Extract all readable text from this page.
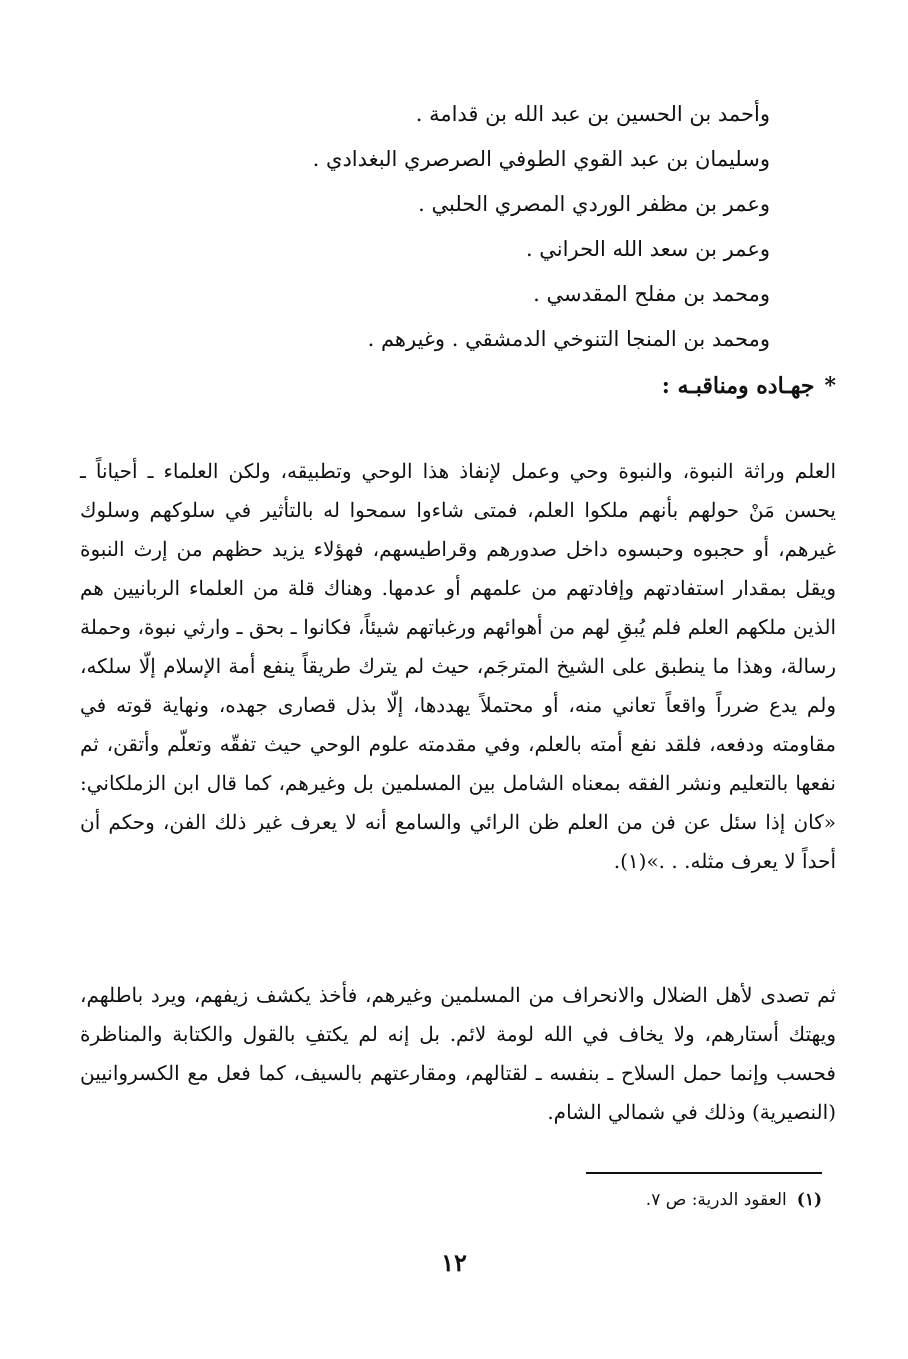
وأحمد بن الحسين بن عبد الله بن قدامة .
وسليمان بن عبد القوي الطوفي الصرصري البغدادي .
وعمر بن مظفر الوردي المصري الحلبي .
وعمر بن سعد الله الحراني .
ومحمد بن مفلح المقدسي .
ومحمد بن المنجا التنوخي الدمشقي . وغيرهم .
*جهـاده ومناقبـه :

العلم وراثة النبوة، والنبوة وحي وعمل لإنفاذ هذا الوحي وتطبيقه، ولكن العلماء ـ أحياناً ـ يحسن مَنْ حولهم بأنهم ملكوا العلم، فمتى شاءوا سمحوا له بالتأثير في سلوكهم وسلوك غيرهم، أو حجبوه وحبسوه داخل صدورهم وقراطيسهم، فهؤلاء يزيد حظهم من إرث النبوة ويقل بمقدار استفادتهم وإفادتهم من علمهم أو عدمها. وهناك قلة من العلماء الربانيين هم الذين ملكهم العلم فلم يُبقِ لهم من أهوائهم ورغباتهم شيئاً، فكانوا ـ بحق ـ وارثي نبوة، وحملة رسالة، وهذا ما ينطبق على الشيخ المترجَم، حيث لم يترك طريقاً ينفع أمة الإسلام إلّا سلكه، ولم يدع ضرراً واقعاً تعاني منه، أو محتملاً يهددها، إلّا بذل قصارى جهده، ونهاية قوته في مقاومته ودفعه، فلقد نفع أمته بالعلم، وفي مقدمته علوم الوحي حيث تفقّه وتعلّم وأتقن، ثم نفعها بالتعليم ونشر الفقه بمعناه الشامل بين المسلمين بل وغيرهم، كما قال ابن الزملكاني: «كان إذا سئل عن فن من العلم ظن الرائي والسامع أنه لا يعرف غير ذلك الفن، وحكم أن أحداً لا يعرف مثله. . .»(١).

ثم تصدى لأهل الضلال والانحراف من المسلمين وغيرهم، فأخذ يكشف زيفهم، ويرد باطلهم، ويهتك أستارهم، ولا يخاف في الله لومة لائم. بل إنه لم يكتفِ بالقول والكتابة والمناظرة فحسب وإنما حمل السلاح ـ بنفسه ـ لقتالهم، ومقارعتهم بالسيف، كما فعل مع الكسروانيين (النصيرية) وذلك في شمالي الشام.

(١)العقود الدرية: ص ٧.
١٢
